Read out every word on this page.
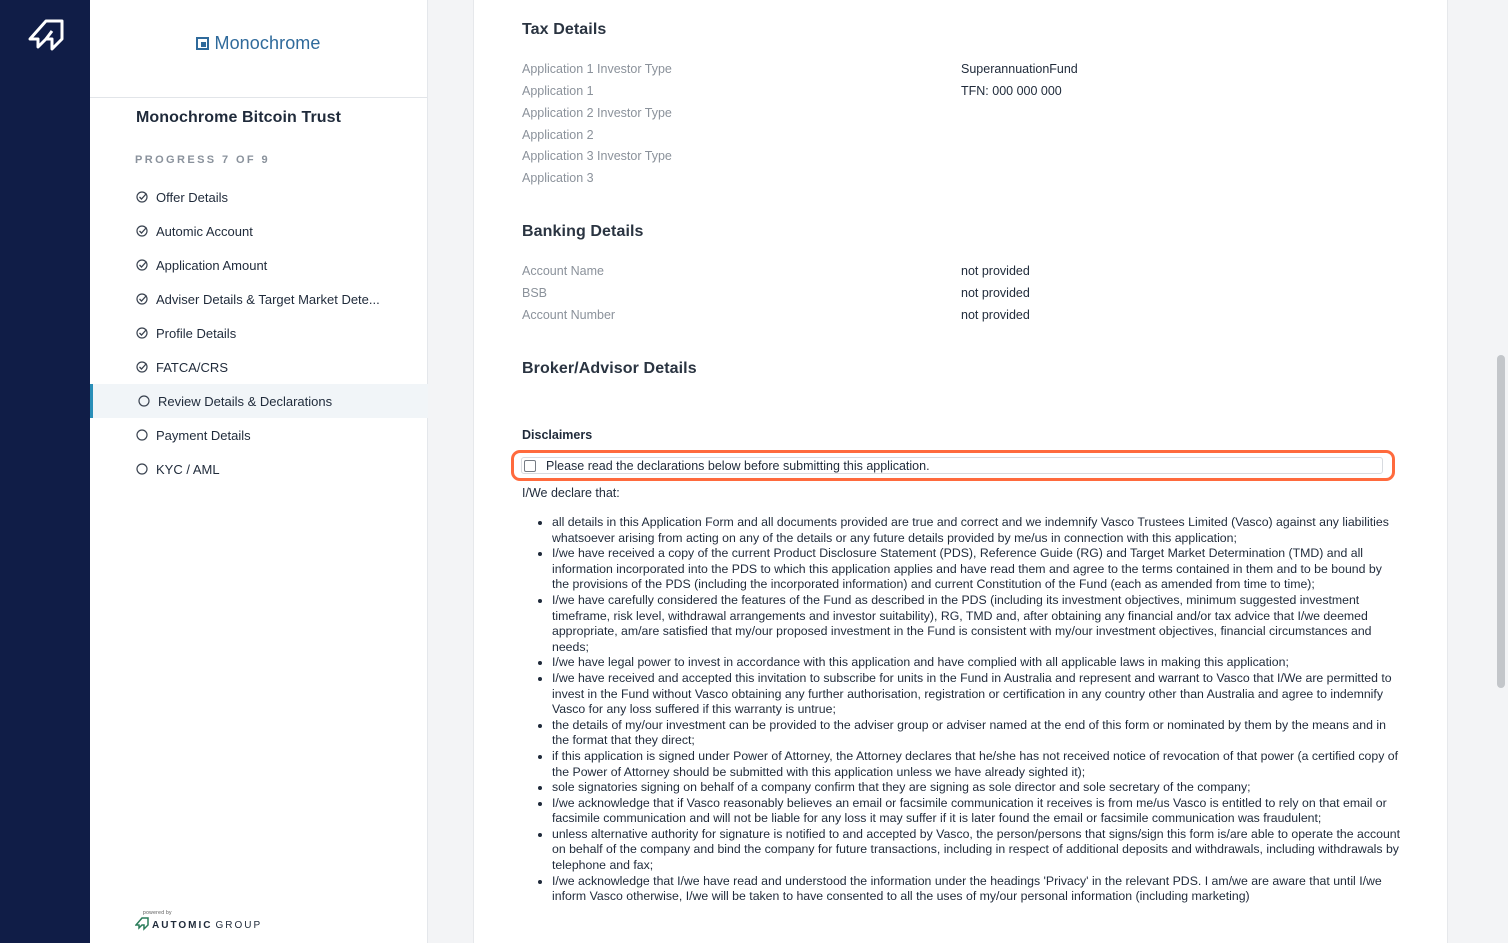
Monochrome
Monochrome Bitcoin Trust
PROGRESS 7 OF 9
Offer Details
Automic Account
Application Amount
Adviser Details & Target Market Dete...
Profile Details
FATCA/CRS
Review Details & Declarations
Payment Details
KYC / AML
powered by
AUTOMIC GROUP
Tax Details
Application 1 Investor Type	SuperannuationFund
Application 1	TFN: 000 000 000
Application 2 Investor Type
Application 2
Application 3 Investor Type
Application 3
Banking Details
Account Name	not provided
BSB	not provided
Account Number	not provided
Broker/Advisor Details
Disclaimers
Please read the declarations below before submitting this application.
I/We declare that:
• all details in this Application Form and all documents provided are true and correct and we indemnify Vasco Trustees Limited (Vasco) against any liabilities whatsoever arising from acting on any of the details or any future details provided by me/us in connection with this application;
• I/we have received a copy of the current Product Disclosure Statement (PDS), Reference Guide (RG) and Target Market Determination (TMD) and all information incorporated into the PDS to which this application applies and have read them and agree to the terms contained in them and to be bound by the provisions of the PDS (including the incorporated information) and current Constitution of the Fund (each as amended from time to time);
• I/we have carefully considered the features of the Fund as described in the PDS (including its investment objectives, minimum suggested investment timeframe, risk level, withdrawal arrangements and investor suitability), RG, TMD and, after obtaining any financial and/or tax advice that I/we deemed appropriate, am/are satisfied that my/our proposed investment in the Fund is consistent with my/our investment objectives, financial circumstances and needs;
• I/we have legal power to invest in accordance with this application and have complied with all applicable laws in making this application;
• I/we have received and accepted this invitation to subscribe for units in the Fund in Australia and represent and warrant to Vasco that I/We are permitted to invest in the Fund without Vasco obtaining any further authorisation, registration or certification in any country other than Australia and agree to indemnify Vasco for any loss suffered if this warranty is untrue;
• the details of my/our investment can be provided to the adviser group or adviser named at the end of this form or nominated by them by the means and in the format that they direct;
• if this application is signed under Power of Attorney, the Attorney declares that he/she has not received notice of revocation of that power (a certified copy of the Power of Attorney should be submitted with this application unless we have already sighted it);
• sole signatories signing on behalf of a company confirm that they are signing as sole director and sole secretary of the company;
• I/we acknowledge that if Vasco reasonably believes an email or facsimile communication it receives is from me/us Vasco is entitled to rely on that email or facsimile communication and will not be liable for any loss it may suffer if it is later found the email or facsimile communication was fraudulent;
• unless alternative authority for signature is notified to and accepted by Vasco, the person/persons that signs/sign this form is/are able to operate the account on behalf of the company and bind the company for future transactions, including in respect of additional deposits and withdrawals, including withdrawals by telephone and fax;
• I/we acknowledge that I/we have read and understood the information under the headings 'Privacy' in the relevant PDS. I am/we are aware that until I/we inform Vasco otherwise, I/we will be taken to have consented to all the uses of my/our personal information (including marketing)
